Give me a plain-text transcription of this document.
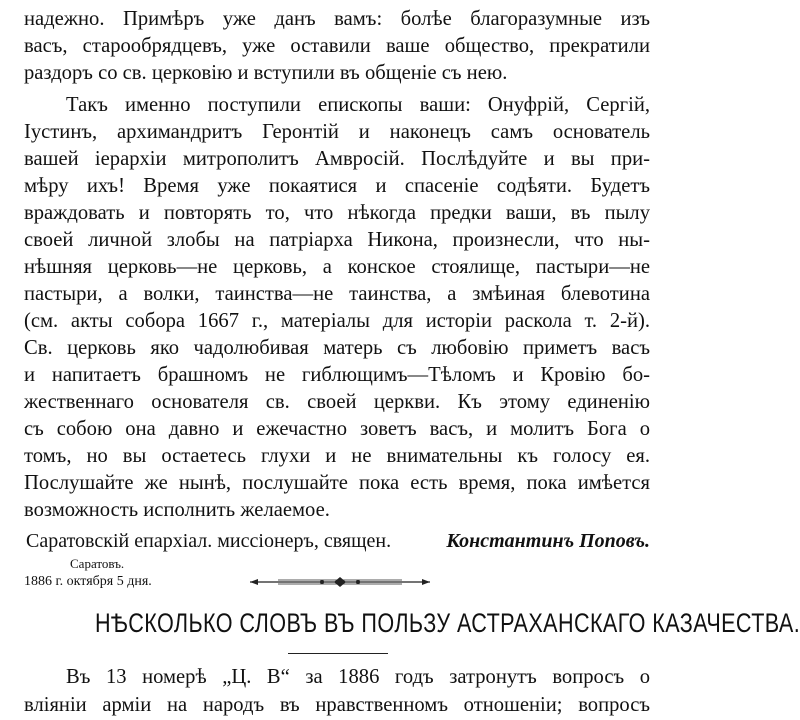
надежно. Примѣръ уже данъ вамъ: болѣе благоразумные изъ
васъ, старообрядцевъ, уже оставили ваше общество, прекратили
раздоръ со св. церковію и вступили въ общеніе съ нею.
Такъ именно поступили епископы ваши: Онуфрій, Сергій,
Іустинъ, архимандритъ Геронтій и наконецъ самъ основатель
вашей іерархіи митрополитъ Амвросій. Послѣдуйте и вы при-
мѣру ихъ! Время уже покаятися и спасеніе содѣяти. Будетъ
враждовать и повторять то, что нѣкогда предки ваши, въ пылу
своей личной злобы на патріарха Никона, произнесли, что ны-
нѣшняя церковь—не церковь, а конское стоялище, пастыри—не
пастыри, а волки, таинства—не таинства, а змѣиная блевотина
(см. акты собора 1667 г., матеріалы для исторіи раскола т. 2-й).
Св. церковь яко чадолюбивая матерь съ любовію приметъ васъ
и напитаетъ брашномъ не гиблющимъ—Тѣломъ и Кровію бо-
жественнаго основателя св. своей церкви. Къ этому единенію
съ собою она давно и ежечастно зоветъ васъ, и молитъ Бога о
томъ, но вы остаетесь глухи и не внимательны къ голосу ея.
Послушайте же нынѣ, послушайте пока есть время, пока имѣется
возможность исполнить желаемое.
Саратовскій епархіал. миссіонеръ, священ.	Константинъ Поповъ.
Саратовъ.
1886 г. октября 5 дня.
НѢСКОЛЬКО СЛОВЪ ВЪ ПОЛЬЗУ АСТРАХАНСКАГО КАЗАЧЕСТВА.
Въ 13 номерѣ „Ц. В“ за 1886 годъ затронутъ вопросъ о
вліяніи арміи на народъ въ нравственномъ отношеніи; вопросъ
